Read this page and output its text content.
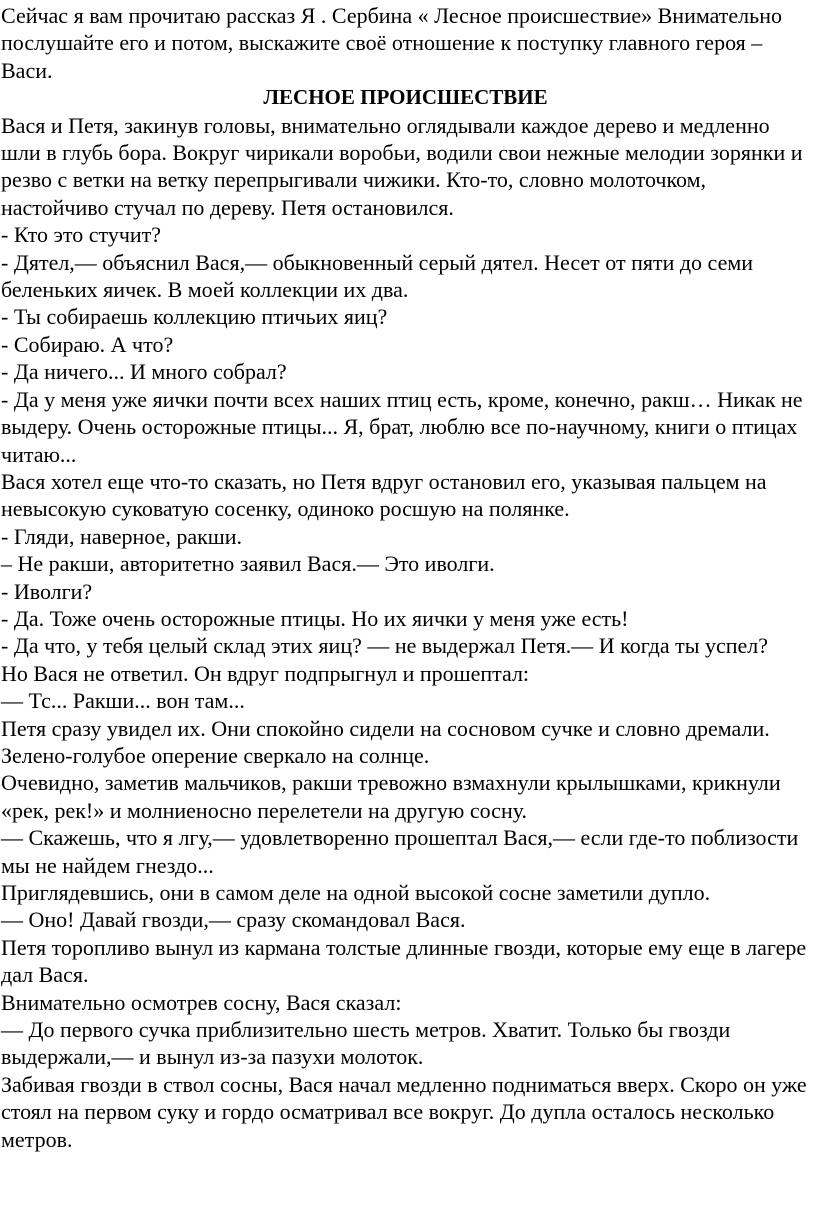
Сейчас я вам прочитаю рассказ Я . Сербина « Лесное происшествие» Внимательно послушайте его и потом, выскажите своё отношение к поступку главного героя – Васи.

ЛЕСНОЕ ПРОИСШЕСТВИЕ

Вася и Петя, закинув головы, внимательно оглядывали каждое дерево и медленно шли в глубь бора. Вокруг чирикали воробьи, водили свои нежные мелодии зорянки и резво с ветки на ветку перепрыгивали чижики. Кто-то, словно молоточком, настойчиво стучал по дереву. Петя остановился.

- Кто это стучит?

- Дятел,— объяснил Вася,— обыкновенный серый дятел. Несет от пяти до семи беленьких яичек. В моей коллекции их два.

- Ты собираешь коллекцию птичьих яиц?

- Собираю. А что?

- Да ничего... И много собрал?

- Да у меня уже яички почти всех наших птиц есть, кроме, конечно, ракш… Никак не выдеру. Очень осторожные птицы... Я, брат, люблю все по-научному, книги о птицах читаю...

Вася хотел еще что-то сказать, но Петя вдруг остановил его, указывая пальцем на невысокую суковатую сосенку, одиноко росшую на полянке.

- Гляди, наверное, ракши.

– Не ракши, авторитетно заявил Вася.— Это иволги.

- Иволги?

- Да. Тоже очень осторожные птицы. Но их яички у меня уже есть!

- Да что, у тебя целый склад этих яиц? — не выдержал Петя.— И когда ты успел?

Но Вася не ответил. Он вдруг подпрыгнул и прошептал:

— Тс... Ракши... вон там...

Петя сразу увидел их. Они спокойно сидели на сосновом сучке и словно дремали. Зелено-голубое оперение сверкало на солнце.

Очевидно, заметив мальчиков, ракши тревожно взмахнули крылышками, крикнули «рек, рек!» и молниеносно перелетели на другую сосну.

— Скажешь, что я лгу,— удовлетворенно прошептал Вася,— если где-то поблизости мы не найдем гнездо...

Приглядевшись, они в самом деле на одной высокой сосне заметили дупло.

— Оно! Давай гвозди,— сразу скомандовал Вася.

Петя торопливо вынул из кармана толстые длинные гвозди, которые ему еще в лагере дал Вася.

Внимательно осмотрев сосну, Вася сказал:

— До первого сучка приблизительно шесть метров. Хватит. Только бы гвозди выдержали,— и вынул из-за пазухи молоток.

Забивая гвозди в ствол сосны, Вася начал медленно подниматься вверх. Скоро он уже стоял на первом суку и гордо осматривал все вокруг. До дупла осталось несколько метров.
